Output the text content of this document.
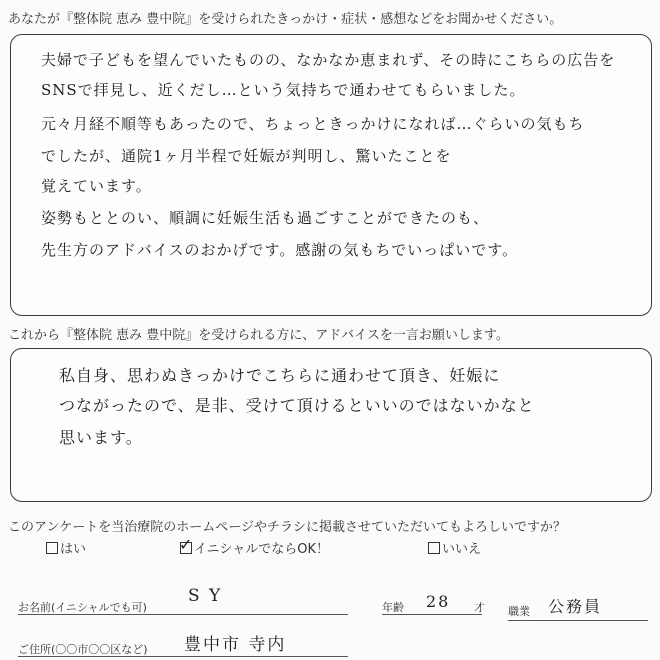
あなたが『整体院 恵み 豊中院』を受けられたきっかけ・症状・感想などをお聞かせください。
夫婦で子どもを望んでいたものの、なかなか恵まれず、その時にこちらの広告を
SNSで拝見し、近くだし…という気持ちで通わせてもらいました。
元々月経不順等もあったので、ちょっときっかけになれば…ぐらいの気もち
でしたが、通院1ヶ月半程で妊娠が判明し、驚いたことを
覚えています。
姿勢もととのい、順調に妊娠生活も過ごすことができたのも、
先生方のアドバイスのおかげです。感謝の気もちでいっぱいです。
これから『整体院 恵み 豊中院』を受けられる方に、アドバイスを一言お願いします。
私自身、思わぬきっかけでこちらに通わせて頂き、妊娠に
つながったので、是非、受けて頂けるといいのではないかなと
思います。
このアンケートを当治療院のホームページやチラシに掲載させていただいてもよろしいですか？
はい	✓ イニシャルでならOK！	いいえ
お名前(イニシャルでも可)
S Y
年齢 28 才 職業 公務員
ご住所(〇〇市〇〇区など) 豊中市 寺内
